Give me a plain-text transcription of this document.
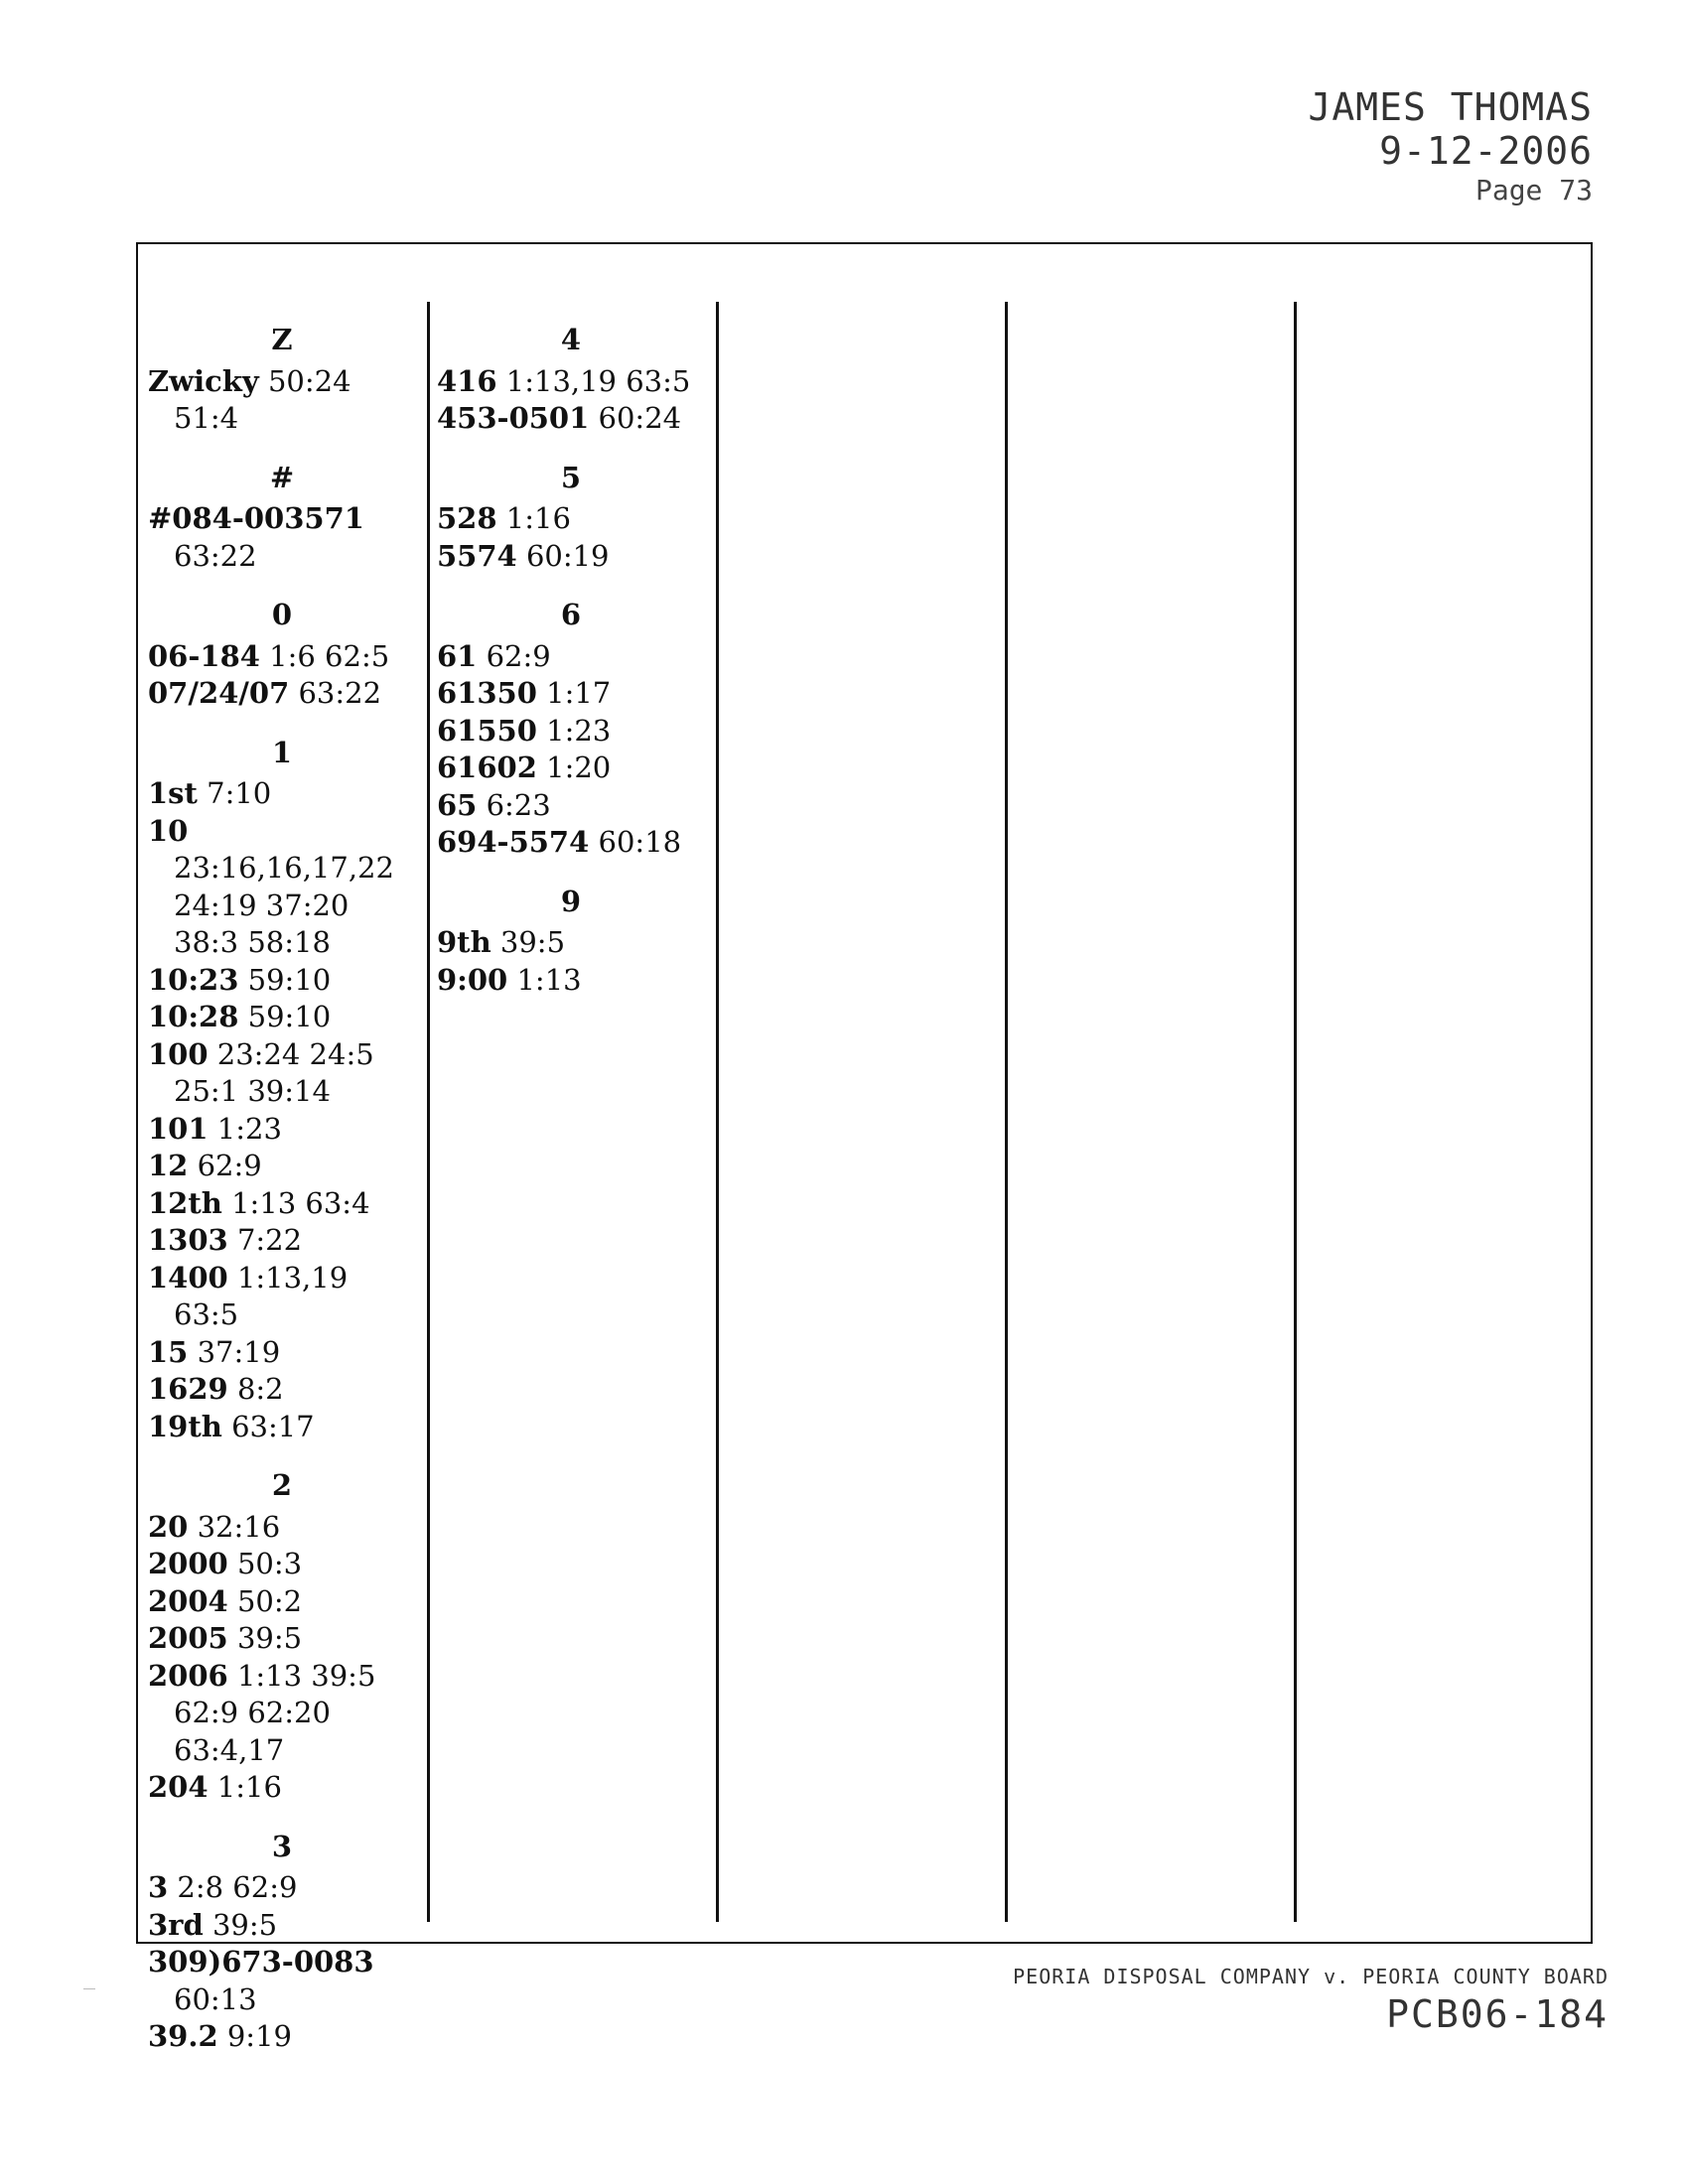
JAMES THOMAS
9-12-2006
Page 73
Z
Zwicky 50:24 51:4
#
#084-003571 63:22
0
06-184 1:6 62:5
07/24/07 63:22
1
1st 7:10
10 23:16,16,17,22 24:19 37:20 38:3 58:18
10:23 59:10
10:28 59:10
100 23:24 24:5 25:1 39:14
101 1:23
12 62:9
12th 1:13 63:4
1303 7:22
1400 1:13,19 63:5
15 37:19
1629 8:2
19th 63:17
2
20 32:16
2000 50:3
2004 50:2
2005 39:5
2006 1:13 39:5 62:9 62:20 63:4,17
204 1:16
3
3 2:8 62:9
3rd 39:5
309)673-0083 60:13
39.2 9:19
4
416 1:13,19 63:5
453-0501 60:24
5
528 1:16
5574 60:19
6
61 62:9
61350 1:17
61550 1:23
61602 1:20
65 6:23
694-5574 60:18
9
9th 39:5
9:00 1:13
PEORIA DISPOSAL COMPANY v. PEORIA COUNTY BOARD
PCB06-184
